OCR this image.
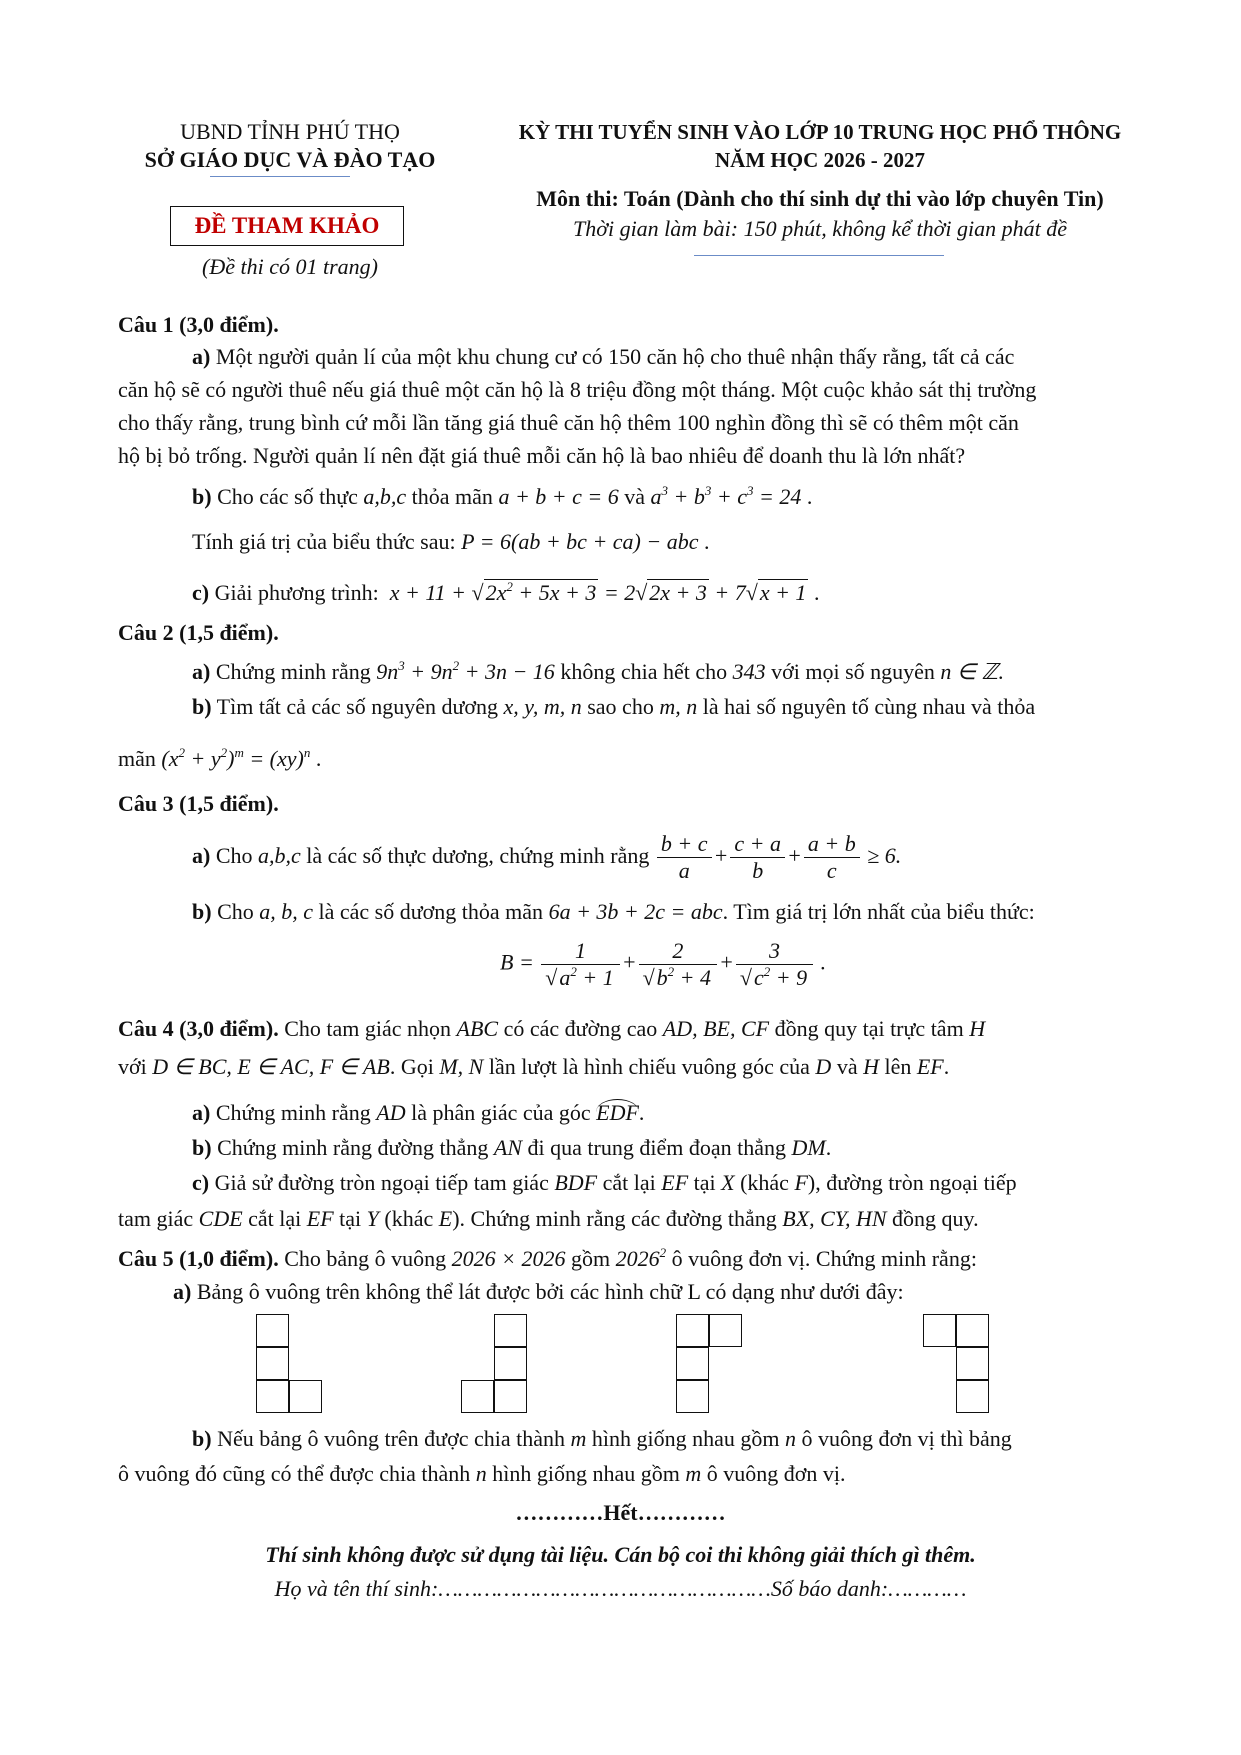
UBND TỈNH PHÚ THỌ
SỞ GIÁO DỤC VÀ ĐÀO TẠO
ĐỀ THAM KHẢO
(Đề thi có 01 trang)
KỲ THI TUYỂN SINH VÀO LỚP 10 TRUNG HỌC PHỔ THÔNG
NĂM HỌC 2026 - 2027
Môn thi: Toán (Dành cho thí sinh dự thi vào lớp chuyên Tin)
Thời gian làm bài: 150 phút, không kể thời gian phát đề
Câu 1 (3,0 điểm).
a) Một người quản lí của một khu chung cư có 150 căn hộ cho thuê nhận thấy rằng, tất cả các
căn hộ sẽ có người thuê nếu giá thuê một căn hộ là 8 triệu đồng một tháng. Một cuộc khảo sát thị trường
cho thấy rằng, trung bình cứ mỗi lần tăng giá thuê căn hộ thêm 100 nghìn đồng thì sẽ có thêm một căn
hộ bị bỏ trống. Người quản lí nên đặt giá thuê mỗi căn hộ là bao nhiêu để doanh thu là lớn nhất?
b) Cho các số thực a,b,c thỏa mãn a + b + c = 6 và $a^3 + b^3 + c^3 = 24$ .
Tính giá trị của biểu thức sau: P = 6(ab + bc + ca) − abc .
c) Giải phương trình: $x + 11 + √2x^2 + 5x + 3 = 2√2x + 3 + 7√x + 1$ .
Câu 2 (1,5 điểm).
a) Chứng minh rằng $9n^3 + 9n^2 + 3n - 16$ không chia hết cho 343 với mọi số nguyên n ∈ ℤ.
b) Tìm tất cả các số nguyên dương x, y, m, n sao cho m, n là hai số nguyên tố cùng nhau và thỏa
mãn $(x^2 + y^2)^m = (xy)^n$ .
Câu 3 (1,5 điểm).
a) Cho a,b,c là các số thực dương, chứng minh rằng $\frac{b + c}{a} + \frac{c + a}{b} + \frac{a + b}{c} \ge 6$.
b) Cho a, b, c là các số dương thỏa mãn 6a + 3b + 2c = abc. Tìm giá trị lớn nhất của biểu thức:
$B = \frac{1}{√a^2 + 1} + \frac{2}{√b^2 + 4} + \frac{3}{√c^2 + 9}$ .
Câu 4 (3,0 điểm). Cho tam giác nhọn ABC có các đường cao AD, BE, CF đồng quy tại trực tâm H
với D ∈ BC, E ∈ AC, F ∈ AB. Gọi M, N lần lượt là hình chiếu vuông góc của D và H lên EF.
a) Chứng minh rằng AD là phân giác của góc EDF.
b) Chứng minh rằng đường thẳng AN đi qua trung điểm đoạn thẳng DM.
c) Giả sử đường tròn ngoại tiếp tam giác BDF cắt lại EF tại X (khác F), đường tròn ngoại tiếp
tam giác CDE cắt lại EF tại Y (khác E). Chứng minh rằng các đường thẳng BX, CY, HN đồng quy.
Câu 5 (1,0 điểm). Cho bảng ô vuông 2026 × 2026 gồm 2026$^2$ ô vuông đơn vị. Chứng minh rằng:
a) Bảng ô vuông trên không thể lát được bởi các hình chữ L có dạng như dưới đây:
b) Nếu bảng ô vuông trên được chia thành m hình giống nhau gồm n ô vuông đơn vị thì bảng
ô vuông đó cũng có thể được chia thành n hình giống nhau gồm m ô vuông đơn vị.
…………Hết…………
Thí sinh không được sử dụng tài liệu. Cán bộ coi thi không giải thích gì thêm.
Họ và tên thí sinh:……………………………………………Số báo danh:…………
